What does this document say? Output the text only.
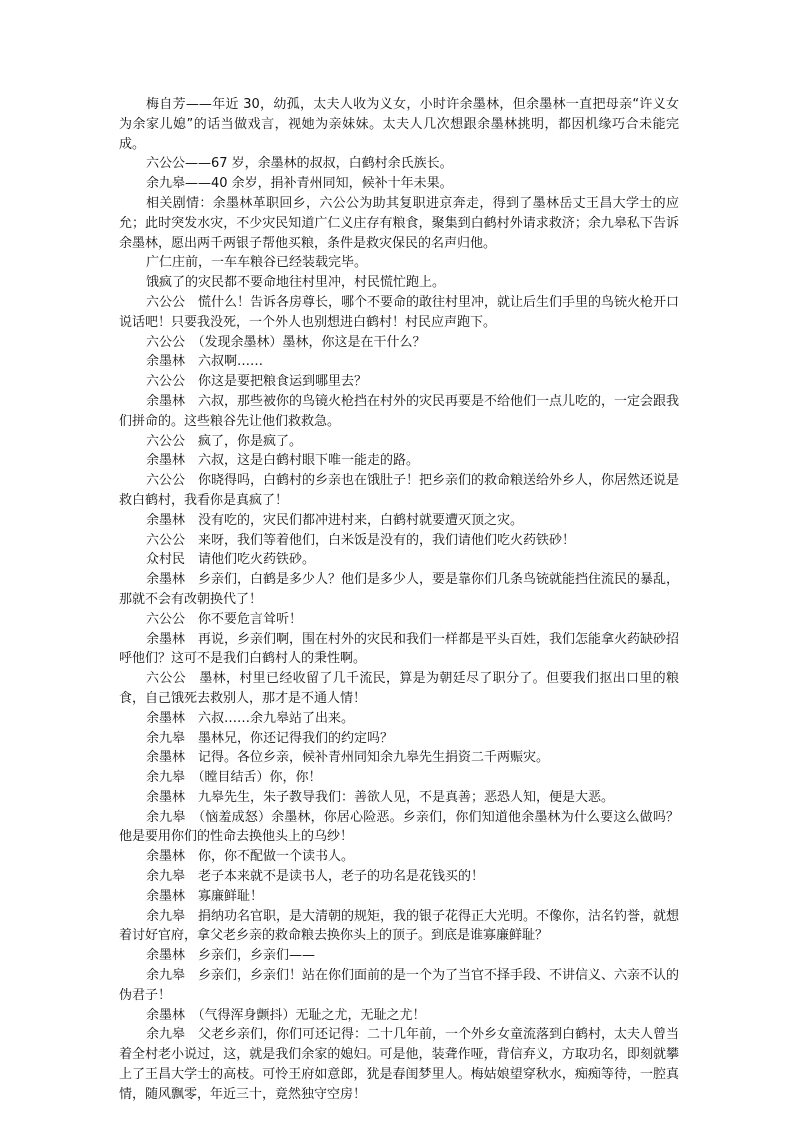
梅自芳——年近 30，幼孤，太夫人收为义女，小时许余墨林，但余墨林一直把母亲“许义女为余家儿媳”的话当做戏言，视她为亲妹妹。太夫人几次想跟余墨林挑明，都因机缘巧合未能完成。

六公公——67 岁，余墨林的叔叔，白鹤村余氏族长。

余九皋——40 余岁，捐补青州同知，候补十年未果。

相关剧情：余墨林革职回乡，六公公为助其复职进京奔走，得到了墨林岳丈王昌大学士的应允；此时突发水灾，不少灾民知道广仁义庄存有粮食，聚集到白鹤村外请求救济；余九皋私下告诉余墨林，愿出两千两银子帮他买粮，条件是救灾保民的名声归他。

广仁庄前，一车车粮谷已经装载完毕。

饿疯了的灾民都不要命地往村里冲，村民慌忙跑上。

六公公　慌什么！告诉各房尊长，哪个不要命的敢往村里冲，就让后生们手里的鸟铳火枪开口说话吧！只要我没死，一个外人也别想进白鹤村！村民应声跑下。

六公公　（发现余墨林）墨林，你这是在干什么？

余墨林　六叔啊……

六公公　你这是要把粮食运到哪里去？

余墨林　六叔，那些被你的鸟镜火枪挡在村外的灾民再要是不给他们一点儿吃的，一定会跟我们拼命的。这些粮谷先让他们救救急。

六公公　疯了，你是疯了。

余墨林　六叔，这是白鹤村眼下唯一能走的路。

六公公　你晓得吗，白鹤村的乡亲也在饿肚子！把乡亲们的救命粮送给外乡人，你居然还说是救白鹤村，我看你是真疯了！

余墨林　没有吃的，灾民们都冲进村来，白鹤村就要遭灭顶之灾。

六公公　来呀，我们等着他们，白米饭是没有的，我们请他们吃火药铁砂！

众村民　请他们吃火药铁砂。

余墨林　乡亲们，白鹤是多少人？他们是多少人，要是靠你们几条鸟铳就能挡住流民的暴乱，那就不会有改朝换代了！

六公公　你不要危言耸听！

余墨林　再说，乡亲们啊，围在村外的灾民和我们一样都是平头百姓，我们怎能拿火药缺砂招呼他们？这可不是我们白鹤村人的秉性啊。

六公公　墨林，村里已经收留了几千流民，算是为朝廷尽了职分了。但要我们抠出口里的粮食，自己饿死去救别人，那才是不通人情！

余墨林　六叔……余九皋站了出来。

余九皋　墨林兄，你还记得我们的约定吗？

余墨林　记得。各位乡亲，候补青州同知余九皋先生捐资二千两赈灾。

余九皋　（瞠目结舌）你，你！

余墨林　九皋先生，朱子教导我们：善欲人见，不是真善；恶恐人知，便是大恶。

余九皋　（恼羞成怒）余墨林，你居心险恶。乡亲们，你们知道他余墨林为什么要这么做吗？他是要用你们的性命去换他头上的乌纱！

余墨林　你，你不配做一个读书人。

余九皋　老子本来就不是读书人，老子的功名是花钱买的！

余墨林　寡廉鲜耻！

余九皋　捐纳功名官职，是大清朝的规矩，我的银子花得正大光明。不像你，沽名钓誉，就想着讨好官府，拿父老乡亲的救命粮去换你头上的顶子。到底是谁寡廉鲜耻？

余墨林　乡亲们，乡亲们——

余九皋　乡亲们，乡亲们！站在你们面前的是一个为了当官不择手段、不讲信义、六亲不认的伪君子！

余墨林　（气得浑身颤抖）无耻之尤，无耻之尤！

余九皋　父老乡亲们，你们可还记得：二十几年前，一个外乡女童流落到白鹤村，太夫人曾当着全村老小说过，这，就是我们余家的媳妇。可是他，装聋作哑，背信弃义，方取功名，即刻就攀上了王昌大学士的高枝。可怜王府如意郎，犹是春闺梦里人。梅姑娘望穿秋水，痴痴等待，一腔真情，随风飘零，年近三十，竟然独守空房！
